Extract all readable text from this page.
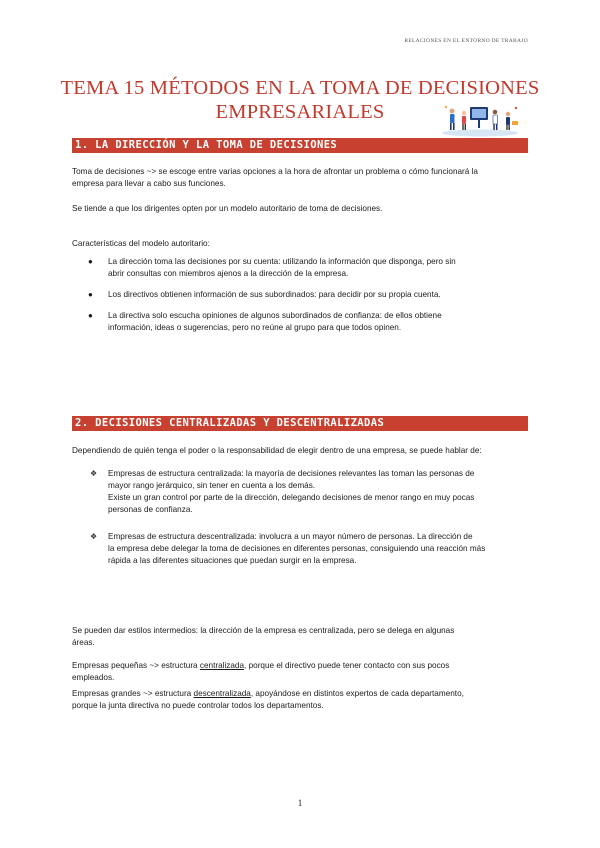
RELACIONES EN EL ENTORNO DE TRABAJO
TEMA 15 MÉTODOS EN LA TOMA DE DECISIONES
EMPRESARIALES
1. LA DIRECCIÓN Y LA TOMA DE DECISIONES
Toma de decisiones ~> se escoge entre varias opciones a la hora de afrontar un problema o cómo funcionará la
empresa para llevar a cabo sus funciones.
Se tiende a que los dirigentes opten por un modelo autoritario de toma de decisiones.
Características del modelo autoritario:
● La dirección toma las decisiones por su cuenta: utilizando la información que disponga, pero sin
abrir consultas con miembros ajenos a la dirección de la empresa.
● Los directivos obtienen información de sus subordinados: para decidir por su propia cuenta.
● La directiva solo escucha opiniones de algunos subordinados de confianza: de ellos obtiene
información, ideas o sugerencias, pero no reúne al grupo para que todos opinen.
2. DECISIONES CENTRALIZADAS Y DESCENTRALIZADAS
Dependiendo de quién tenga el poder o la responsabilidad de elegir dentro de una empresa, se puede hablar de:
❖ Empresas de estructura centralizada: la mayoría de decisiones relevantes las toman las personas de
mayor rango jerárquico, sin tener en cuenta a los demás.
Existe un gran control por parte de la dirección, delegando decisiones de menor rango en muy pocas
personas de confianza.
❖ Empresas de estructura descentralizada: involucra a un mayor número de personas. La dirección de
la empresa debe delegar la toma de decisiones en diferentes personas, consiguiendo una reacción más
rápida a las diferentes situaciones que puedan surgir en la empresa.
Se pueden dar estilos intermedios: la dirección de la empresa es centralizada, pero se delega en algunas
áreas.
Empresas pequeñas ~> estructura centralizada, porque el directivo puede tener contacto con sus pocos
empleados.
Empresas grandes ~> estructura descentralizada, apoyándose en distintos expertos de cada departamento,
porque la junta directiva no puede controlar todos los departamentos.
1
